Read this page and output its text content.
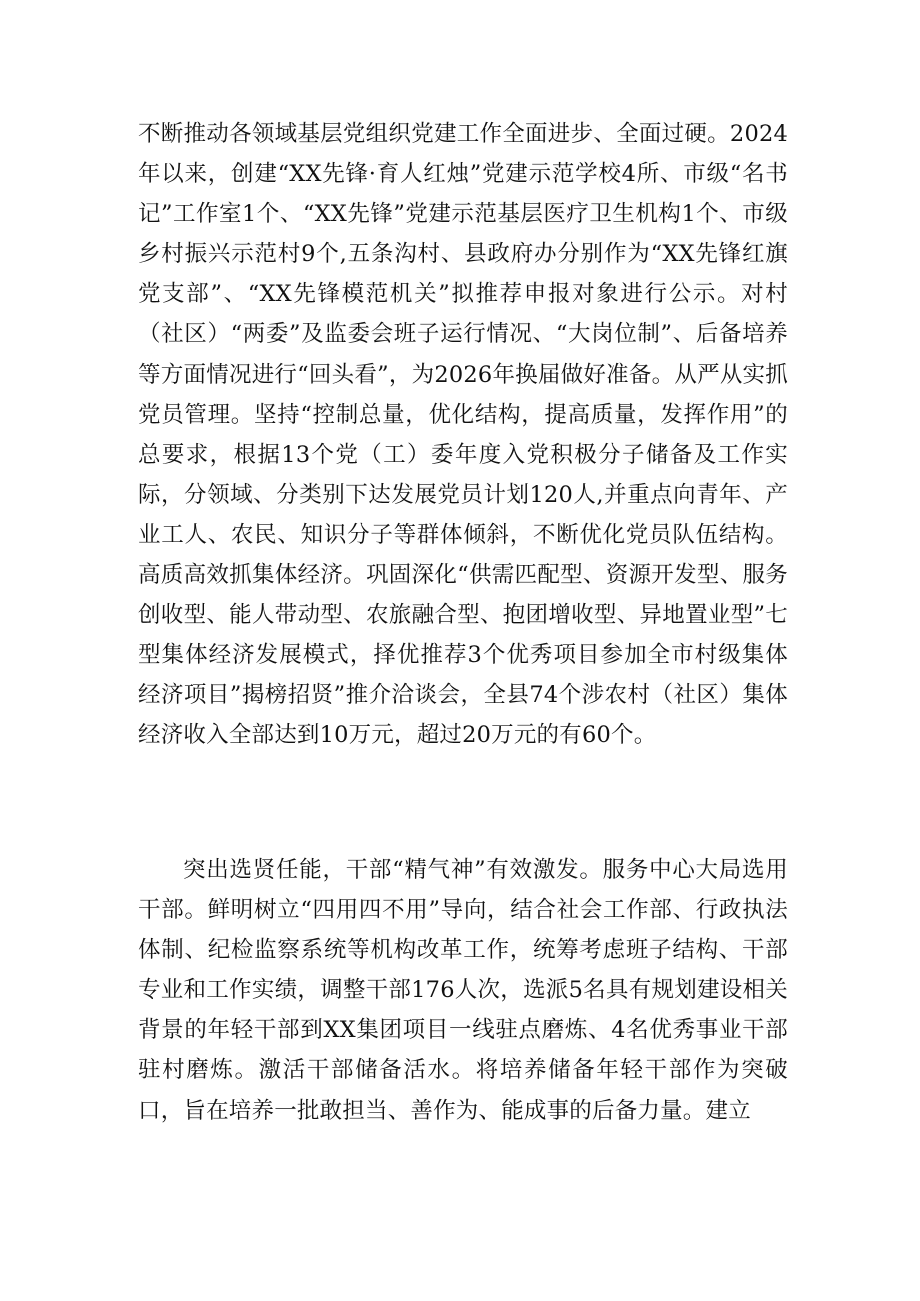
不断推动各领域基层党组织党建工作全面进步、全面过硬。2024年以来，创建“XX先锋·育人红烛”党建示范学校4所、市级“名书记”工作室1个、“XX先锋”党建示范基层医疗卫生机构1个、市级乡村振兴示范村9个,五条沟村、县政府办分别作为“XX先锋红旗党支部”、“XX先锋模范机关”拟推荐申报对象进行公示。对村（社区）“两委”及监委会班子运行情况、“大岗位制”、后备培养等方面情况进行“回头看”，为2026年换届做好准备。从严从实抓党员管理。坚持“控制总量，优化结构，提高质量，发挥作用”的总要求，根据13个党（工）委年度入党积极分子储备及工作实际，分领域、分类别下达发展党员计划120人,并重点向青年、产业工人、农民、知识分子等群体倾斜，不断优化党员队伍结构。高质高效抓集体经济。巩固深化“供需匹配型、资源开发型、服务创收型、能人带动型、农旅融合型、抱团增收型、异地置业型”七型集体经济发展模式，择优推荐3个优秀项目参加全市村级集体经济项目”揭榜招贤”推介洽谈会，全县74个涉农村（社区）集体经济收入全部达到10万元，超过20万元的有60个。

突出选贤任能，干部“精气神”有效激发。服务中心大局选用干部。鲜明树立“四用四不用”导向，结合社会工作部、行政执法体制、纪检监察系统等机构改革工作，统筹考虑班子结构、干部专业和工作实绩，调整干部176人次，选派5名具有规划建设相关背景的年轻干部到XX集团项目一线驻点磨炼、4名优秀事业干部驻村磨炼。激活干部储备活水。将培养储备年轻干部作为突破口，旨在培养一批敢担当、善作为、能成事的后备力量。建立
